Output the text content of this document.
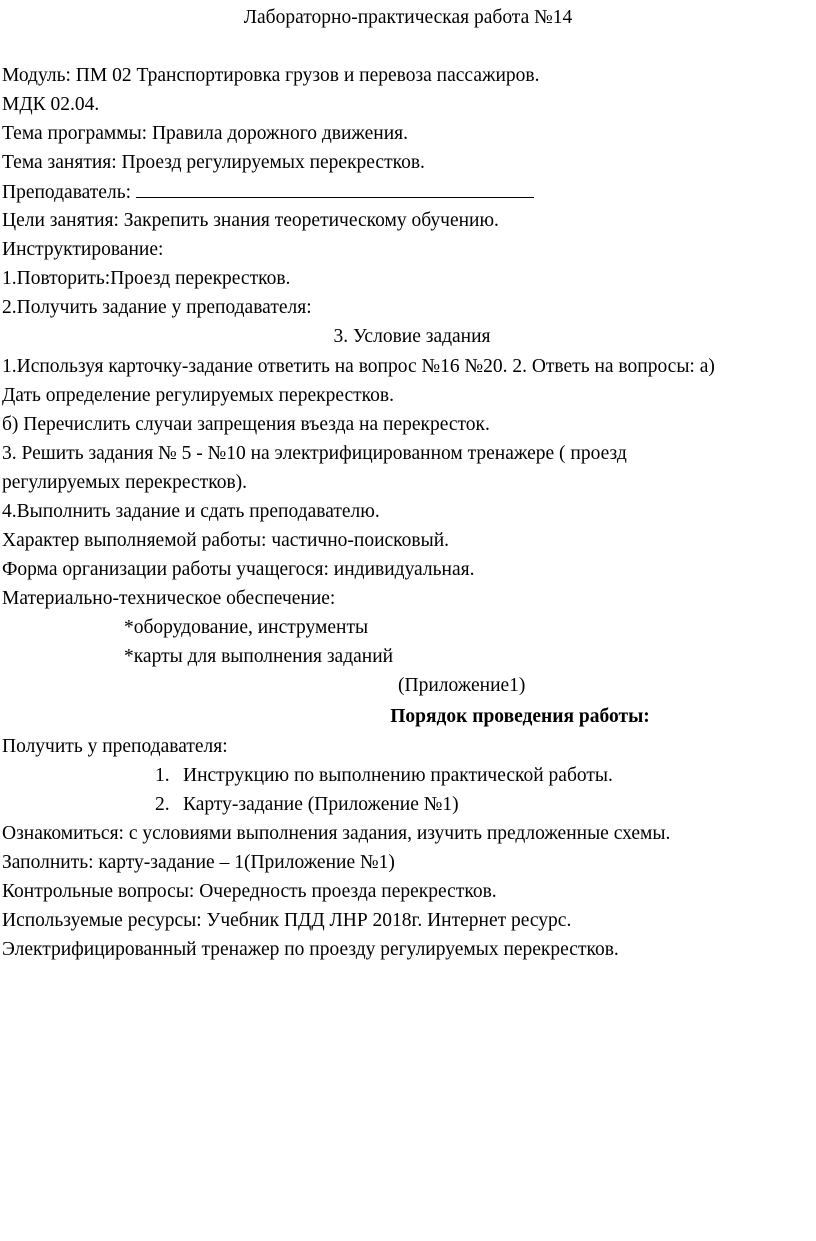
Лабораторно-практическая работа №14
Модуль: ПМ 02 Транспортировка грузов и перевоза пассажиров.
МДК 02.04.
Тема программы: Правила дорожного движения.
Тема занятия: Проезд регулируемых перекрестков.
Преподаватель:
Цели занятия: Закрепить знания теоретическому обучению.
Инструктирование:
1.Повторить:Проезд перекрестков.
2.Получить задание у преподавателя:
3. Условие задания
1.Используя карточку-задание ответить на вопрос №16 №20. 2. Ответь на вопросы: а)
Дать определение регулируемых перекрестков.
б) Перечислить случаи запрещения въезда на перекресток.
3. Решить задания № 5 - №10 на электрифицированном тренажере ( проезд
регулируемых перекрестков).
4.Выполнить задание и сдать преподавателю.
Характер выполняемой работы: частично-поисковый.
Форма организации работы учащегося: индивидуальная.
Материально-техническое обеспечение:
*оборудование, инструменты
*карты для выполнения заданий
(Приложение1)
Порядок проведения работы:
Получить у преподавателя:
1. Инструкцию по выполнению практической работы.
2. Карту-задание (Приложение №1)
Ознакомиться: с условиями выполнения задания, изучить предложенные схемы.
Заполнить: карту-задание – 1(Приложение №1)
Контрольные вопросы: Очередность проезда перекрестков.
Используемые ресурсы: Учебник ПДД ЛНР 2018г. Интернет ресурс.
Электрифицированный тренажер по проезду регулируемых перекрестков.
